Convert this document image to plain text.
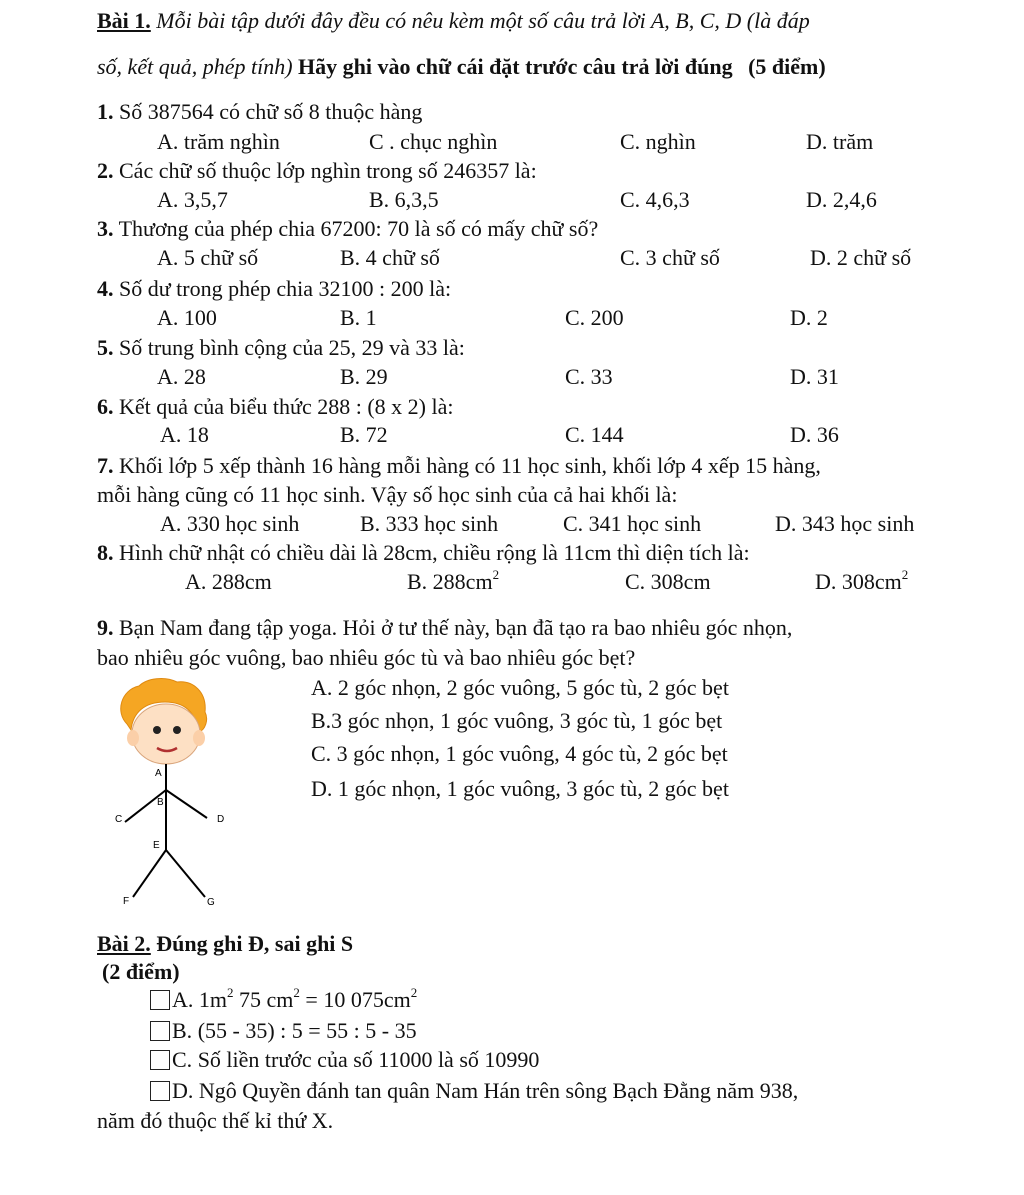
Bài 1. Mỗi bài tập dưới đây đều có nêu kèm một số câu trả lời A, B, C, D (là đáp
số, kết quả, phép tính) Hãy ghi vào chữ cái đặt trước câu trả lời đúng (5 điểm)
1. Số 387564 có chữ số 8 thuộc hàng
A. trăm nghìn	C . chục nghìn	C. nghìn	D. trăm
2. Các chữ số thuộc lớp nghìn trong số 246357 là:
A. 3,5,7	B. 6,3,5	C. 4,6,3	D. 2,4,6
3. Thương của phép chia 67200: 70 là số có mấy chữ số?
A. 5 chữ số	B. 4 chữ số	C. 3 chữ số	D. 2 chữ số
4. Số dư trong phép chia 32100 : 200 là:
A. 100	B. 1	C. 200	D. 2
5. Số trung bình cộng của 25, 29 và 33 là:
A. 28	B. 29	C. 33	D. 31
6. Kết quả của biểu thức 288 : (8 x 2) là:
A. 18	B. 72	C. 144	D. 36
7. Khối lớp 5 xếp thành 16 hàng mỗi hàng có 11 học sinh, khối lớp 4 xếp 15 hàng,
mỗi hàng cũng có 11 học sinh. Vậy số học sinh của cả hai khối là:
A. 330 học sinh	B. 333 học sinh	C. 341 học sinh	D. 343 học sinh
8. Hình chữ nhật có chiều dài là 28cm, chiều rộng là 11cm thì diện tích là:
A. 288cm	B. $288cm^2$	C. 308cm	D. $308cm^2$
9. Bạn Nam đang tập yoga. Hỏi ở tư thế này, bạn đã tạo ra bao nhiêu góc nhọn,
bao nhiêu góc vuông, bao nhiêu góc tù và bao nhiêu góc bẹt?
A. 2 góc nhọn, 2 góc vuông, 5 góc tù, 2 góc bẹt
B.3 góc nhọn, 1 góc vuông, 3 góc tù, 1 góc bẹt
C. 3 góc nhọn, 1 góc vuông, 4 góc tù, 2 góc bẹt
D. 1 góc nhọn, 1 góc vuông, 3 góc tù, 2 góc bẹt
A
B
C	D
E
F	G
Bài 2. Đúng ghi Đ, sai ghi S
(2 điểm)
A. $1m^2$ 75 $cm^2 = 10$ $075cm^2$
B. (55 - 35) : 5 = 55 : 5 - 35
C. Số liền trước của số 11000 là số 10990
D. Ngô Quyền đánh tan quân Nam Hán trên sông Bạch Đằng năm 938,
năm đó thuộc thế kỉ thứ X.
